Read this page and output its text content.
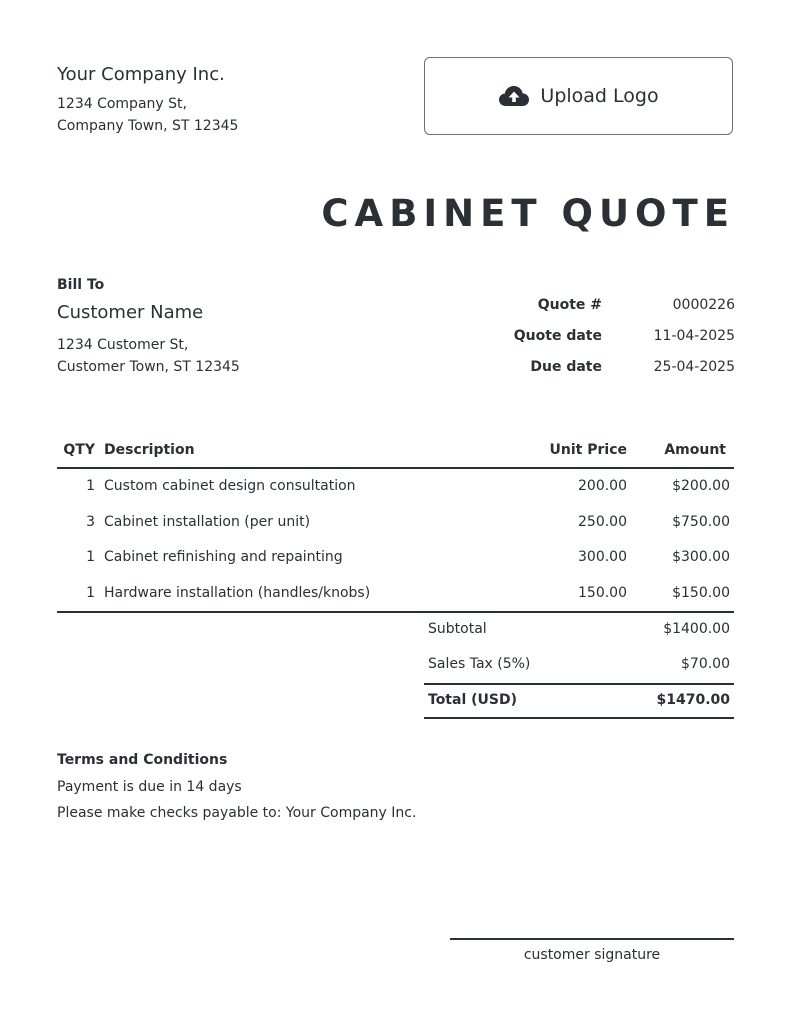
Your Company Inc.
1234 Company St,
Company Town, ST 12345
Upload Logo
CABINET QUOTE
Bill To
Customer Name
1234 Customer St,
Customer Town, ST 12345
Quote #	0000226
Quote date	11-04-2025
Due date	25-04-2025
QTY Description	Unit Price	Amount
1 Custom cabinet design consultation	200.00	$200.00
3 Cabinet installation (per unit)	250.00	$750.00
1 Cabinet refinishing and repainting	300.00	$300.00
1 Hardware installation (handles/knobs)	150.00	$150.00
Subtotal	$1400.00
Sales Tax (5%)	$70.00
Total (USD)	$1470.00
Terms and Conditions
Payment is due in 14 days
Please make checks payable to: Your Company Inc.
customer signature
